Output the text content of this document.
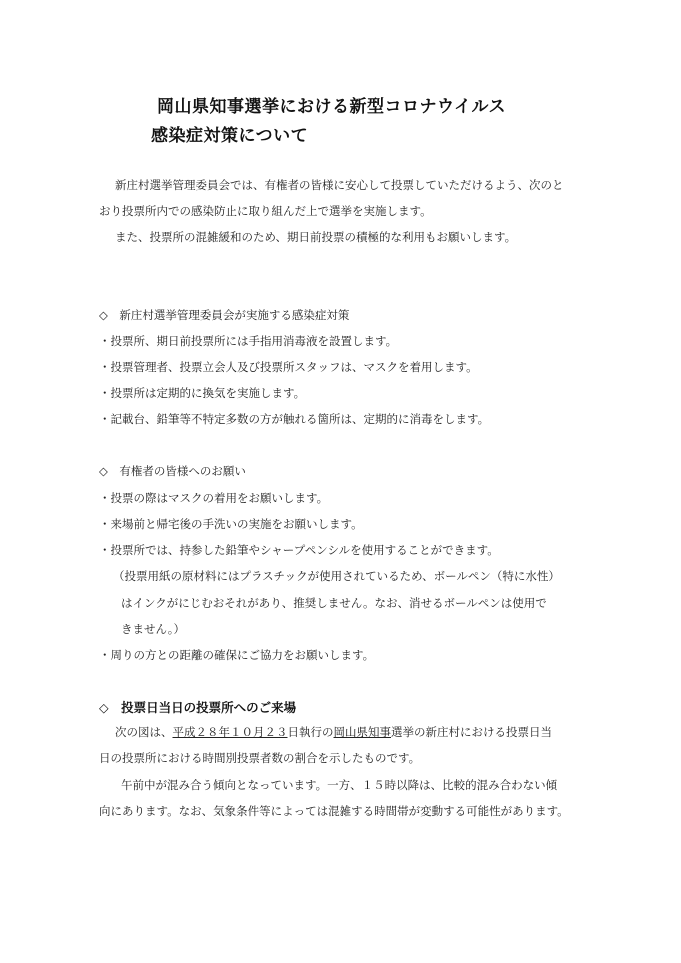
岡山県知事選挙における新型コロナウイルス
感染症対策について
新庄村選挙管理委員会では、有権者の皆様に安心して投票していただけるよう、次のと
おり投票所内での感染防止に取り組んだ上で選挙を実施します。
また、投票所の混雑緩和のため、期日前投票の積極的な利用もお願いします。
◇　新庄村選挙管理委員会が実施する感染症対策
・投票所、期日前投票所には手指用消毒液を設置します。
・投票管理者、投票立会人及び投票所スタッフは、マスクを着用します。
・投票所は定期的に換気を実施します。
・記載台、鉛筆等不特定多数の方が触れる箇所は、定期的に消毒をします。
◇　有権者の皆様へのお願い
・投票の際はマスクの着用をお願いします。
・来場前と帰宅後の手洗いの実施をお願いします。
・投票所では、持参した鉛筆やシャープペンシルを使用することができます。
（投票用紙の原材料にはプラスチックが使用されているため、ボールペン（特に水性）
はインクがにじむおそれがあり、推奨しません。なお、消せるボールペンは使用で
きません。）
・周りの方との距離の確保にご協力をお願いします。
◇　投票日当日の投票所へのご来場
次の図は、平成２８年１０月２３日執行の岡山県知事選挙の新庄村における投票日当
日の投票所における時間別投票者数の割合を示したものです。
午前中が混み合う傾向となっています。一方、１５時以降は、比較的混み合わない傾
向にあります。なお、気象条件等によっては混雑する時間帯が変動する可能性があります。
